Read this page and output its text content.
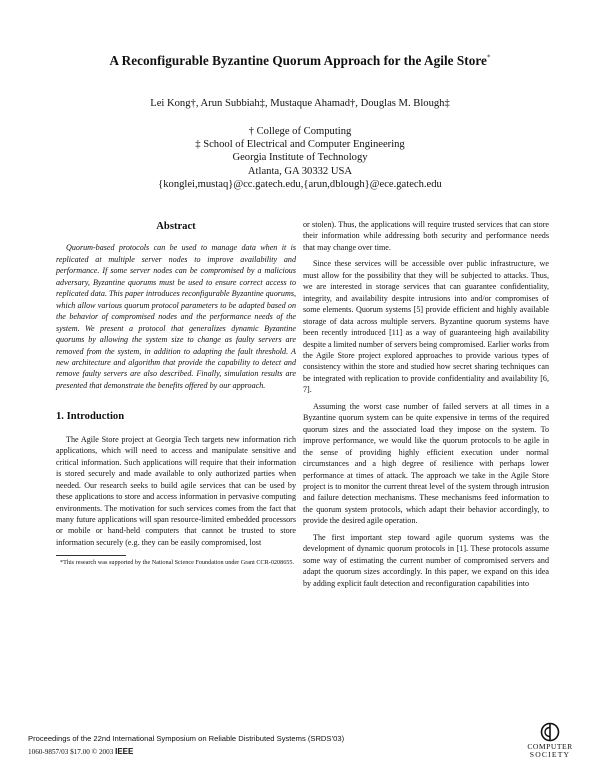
A Reconfigurable Byzantine Quorum Approach for the Agile Store*
Lei Kong†, Arun Subbiah‡, Mustaque Ahamad†, Douglas M. Blough‡
† College of Computing
‡ School of Electrical and Computer Engineering
Georgia Institute of Technology
Atlanta, GA 30332 USA
{konglei,mustaq}@cc.gatech.edu,{arun,dblough}@ece.gatech.edu
Abstract

Quorum-based protocols can be used to manage data when it is replicated at multiple server nodes to improve availability and performance. If some server nodes can be compromised by a malicious adversary, Byzantine quorums must be used to ensure correct access to replicated data. This paper introduces reconfigurable Byzantine quorums, which allow various quorum protocol parameters to be adapted based on the behavior of compromised nodes and the performance needs of the system. We present a protocol that generalizes dynamic Byzantine quorums by allowing the system size to change as faulty servers are removed from the system, in addition to adapting the fault threshold. A new architecture and algorithm that provide the capability to detect and remove faulty servers are also described. Finally, simulation results are presented that demonstrate the benefits offered by our approach.

1. Introduction

The Agile Store project at Georgia Tech targets new information rich applications, which will need to access and manipulate sensitive and critical information. Such applications will require that their information is stored securely and made available to only authorized parties when needed. Our research seeks to build agile services that can be used by these applications to store and access information in pervasive computing environments. The motivation for such services comes from the fact that many future applications will span resource-limited embedded processors or mobile or hand-held computers that cannot be trusted to store information securely (e.g. they can be easily compromised, lost

*This research was supported by the National Science Foundation under Grant CCR-0208655.

or stolen). Thus, the applications will require trusted services that can store their information while addressing both security and performance needs that may change over time.

Since these services will be accessible over public infrastructure, we must allow for the possibility that they will be subjected to attacks. Thus, we are interested in storage services that can guarantee confidentiality, integrity, and availability despite intrusions into and/or compromises of some elements. Quorum systems [5] provide efficient and highly available storage of data across multiple servers. Byzantine quorum systems have been recently introduced [11] as a way of guaranteeing high availability despite a limited number of servers being compromised. Earlier works from the Agile Store project explored approaches to provide various types of consistency within the store and studied how secret sharing techniques can be integrated with replication to provide confidentiality and availability [6, 7].

Assuming the worst case number of failed servers at all times in a Byzantine quorum system can be quite expensive in terms of the required quorum sizes and the associated load they impose on the system. To improve performance, we would like the quorum protocols to be agile in the sense of providing highly efficient execution under normal circumstances and a high degree of resilience with perhaps lower performance at times of attack. The approach we take in the Agile Store project is to monitor the current threat level of the system through intrusion and failure detection mechanisms. These mechanisms feed information to the quorum system protocols, which adapt their behavior accordingly, to provide the desired agile operation.

The first important step toward agile quorum systems was the development of dynamic quorum protocols in [1]. These protocols assume some way of estimating the current number of compromised servers and adapt the quorum sizes accordingly. In this paper, we expand on this idea by adding explicit fault detection and reconfiguration capabilities into

Proceedings of the 22nd International Symposium on Reliable Distributed Systems (SRDS’03)
1060-9857/03 $17.00 © 2003 IEEE
COMPUTER
SOCIETY
